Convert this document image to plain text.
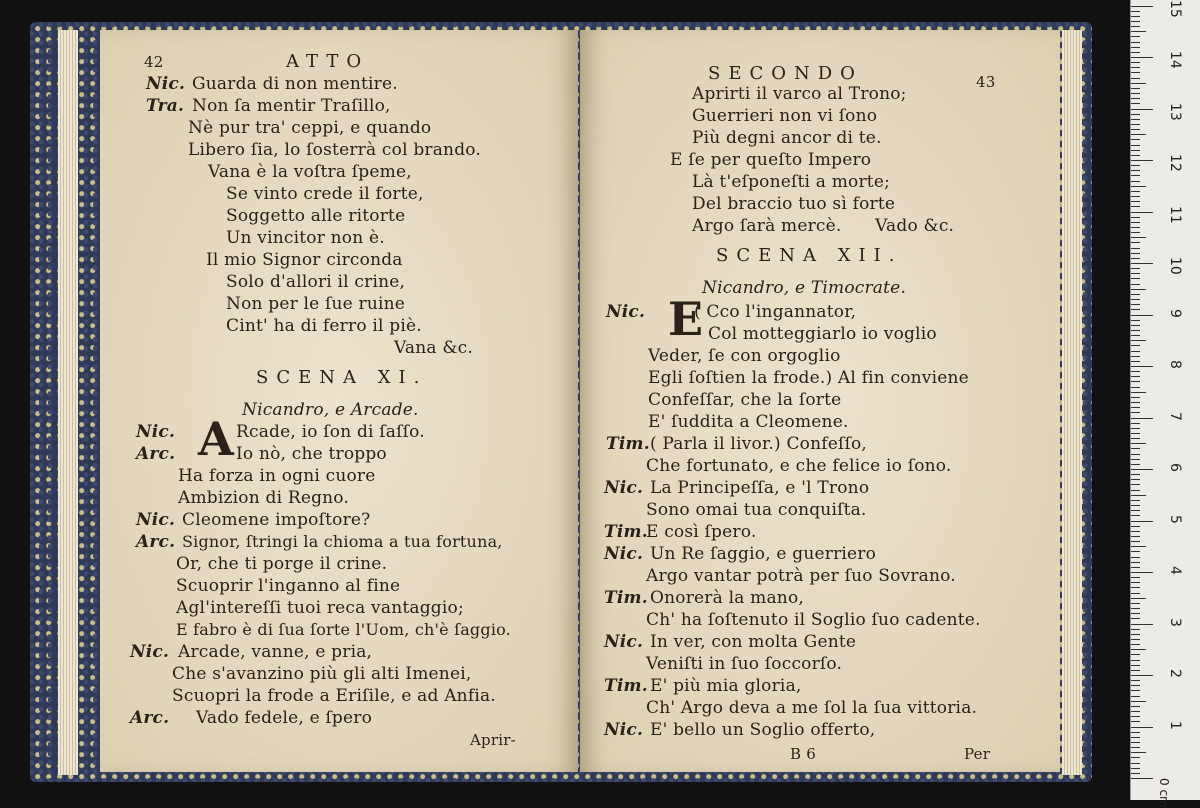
42	ATTO
Nic. Guarda di non mentire.
Tra. Non ſa mentir Traſillo,
Nè pur tra' ceppi, e quando
Libero ſia, lo ſosterrà col brando.
Vana è la voſtra ſpeme,
Se vinto crede il forte,
Soggetto alle ritorte
Un vincitor non è.
Il mio Signor circonda
Solo d'allori il crine,
Non per le ſue ruine
Cint' ha di ferro il piè.
Vana &c.
SCENA XI.
Nicandro, e Arcade.
A
Nic.	Rcade, io ſon di ſaſſo.
Arc.	Io nò, che troppo
Ha forza in ogni cuore
Ambizion di Regno.
Nic. Cleomene impoſtore?
Arc. Signor, ſtringi la chioma a tua fortuna,
Or, che ti porge il crine.
Scuoprir l'inganno al fine
Agl'intereſſi tuoi reca vantaggio;
E fabro è di ſua ſorte l'Uom, ch'è ſaggio.
Nic. Arcade, vanne, e pria,
Che s'avanzino più gli alti Imenei,
Scuopri la frode a Eriſile, e ad Anfia.
Arc. Vado fedele, e ſpero
Aprir-
SECONDO	43
Aprirti il varco al Trono;
Guerrieri non vi ſono
Più degni ancor di te.
E ſe per queſto Impero
Là t'eſponeſti a morte;
Del braccio tuo sì forte
Argo ſarà mercè.      Vado &c.
SCENA XII.
Nicandro, e Timocrate.
E
Nic.	( Cco l'ingannator,
Col motteggiarlo io voglio
Veder, ſe con orgoglio
Egli ſoſtien la frode.) Al fin conviene
Confeſſar, che la ſorte
E' ſuddita a Cleomene.
Tim. ( Parla il livor.) Confeſſo,
Che fortunato, e che felice io ſono.
Nic. La Principeſſa, e 'l Trono
Sono omai tua conquiſta.
Tim.
E così ſpero.
Nic. Un Re ſaggio, e guerriero
Argo vantar potrà per ſuo Sovrano.
Tim. Onorerà la mano,
Ch' ha ſoſtenuto il Soglio ſuo cadente.
Nic. In ver, con molta Gente
Veniſti in ſuo ſoccorſo.
Tim. E' più mia gloria,
Ch' Argo deva a me ſol la ſua vittoria.
Nic. E' bello un Soglio offerto,
B 6	Per
0 cm
1
2
3
4
5
6
7
8
9
10
11
12
13
14
15
